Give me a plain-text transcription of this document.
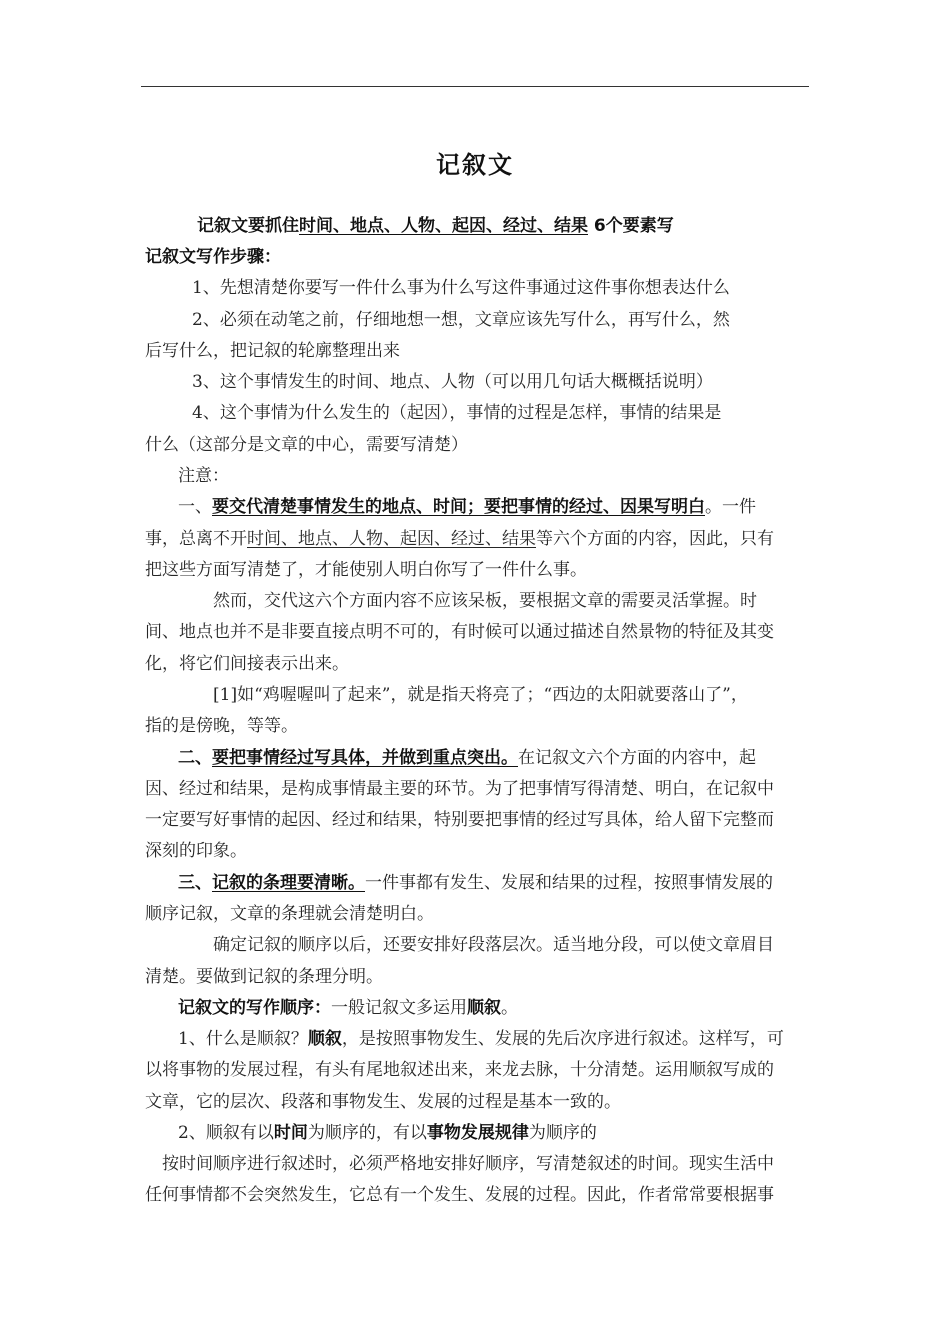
记叙文
记叙文要抓住时间、地点、人物、起因、经过、结果 6个要素写
记叙文写作步骤：
1、先想清楚你要写一件什么事为什么写这件事通过这件事你想表达什么
2、必须在动笔之前，仔细地想一想，文章应该先写什么，再写什么，然
后写什么，把记叙的轮廓整理出来
3、这个事情发生的时间、地点、人物（可以用几句话大概概括说明）
4、这个事情为什么发生的（起因），事情的过程是怎样，事情的结果是
什么（这部分是文章的中心，需要写清楚）
注意：
一、要交代清楚事情发生的地点、时间；要把事情的经过、因果写明白。一件
事，总离不开时间、地点、人物、起因、经过、结果等六个方面的内容，因此，只有
把这些方面写清楚了，才能使别人明白你写了一件什么事。
然而，交代这六个方面内容不应该呆板，要根据文章的需要灵活掌握。时
间、地点也并不是非要直接点明不可的，有时候可以通过描述自然景物的特征及其变
化，将它们间接表示出来。
[1]如“鸡喔喔叫了起来”，就是指天将亮了；“西边的太阳就要落山了”，
指的是傍晚，等等。
二、要把事情经过写具体，并做到重点突出。在记叙文六个方面的内容中，起
因、经过和结果，是构成事情最主要的环节。为了把事情写得清楚、明白，在记叙中
一定要写好事情的起因、经过和结果，特别要把事情的经过写具体，给人留下完整而
深刻的印象。
三、记叙的条理要清晰。一件事都有发生、发展和结果的过程，按照事情发展的
顺序记叙，文章的条理就会清楚明白。
确定记叙的顺序以后，还要安排好段落层次。适当地分段，可以使文章眉目
清楚。要做到记叙的条理分明。
记叙文的写作顺序：一般记叙文多运用顺叙。
1、什么是顺叙？顺叙，是按照事物发生、发展的先后次序进行叙述。这样写，可
以将事物的发展过程，有头有尾地叙述出来，来龙去脉，十分清楚。运用顺叙写成的
文章，它的层次、段落和事物发生、发展的过程是基本一致的。
2、顺叙有以时间为顺序的，有以事物发展规律为顺序的
按时间顺序进行叙述时，必须严格地安排好顺序，写清楚叙述的时间。现实生活中
任何事情都不会突然发生，它总有一个发生、发展的过程。因此，作者常常要根据事
